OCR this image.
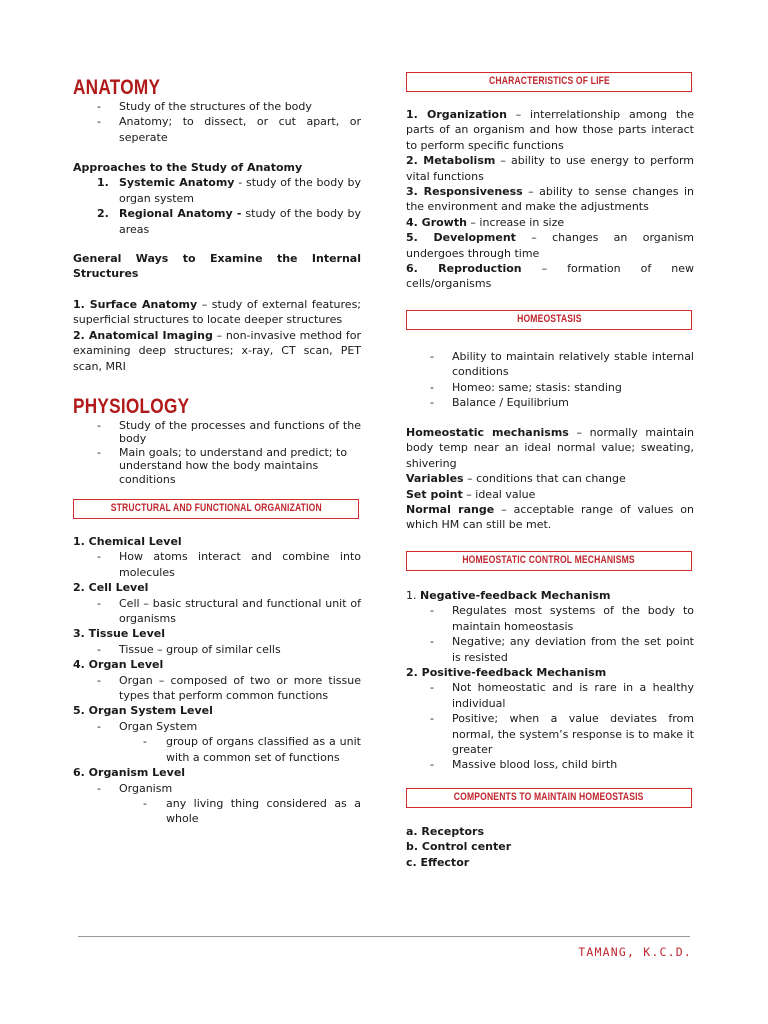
ANATOMY
- Study of the structures of the body
- Anatomy; to dissect, or cut apart, or seperate

Approaches to the Study of Anatomy

1. Systemic Anatomy - study of the body by organ system
2. Regional Anatomy - study of the body by areas

General Ways to Examine the Internal Structures

1. Surface Anatomy – study of external features; superficial structures to locate deeper structures

2. Anatomical Imaging – non-invasive method for examining deep structures; x-ray, CT scan, PET scan, MRI

PHYSIOLOGY
- Study of the processes and functions of the body
- Main goals; to understand and predict; to understand how the body maintains conditions
STRUCTURAL AND FUNCTIONAL ORGANIZATION

1. Chemical Level

- How atoms interact and combine into molecules

2. Cell Level

- Cell – basic structural and functional unit of organisms

3. Tissue Level

- Tissue – group of similar cells

4. Organ Level

- Organ – composed of two or more tissue types that perform common functions

5. Organ System Level

- Organ System
- group of organs classified as a unit with a common set of functions

6. Organism Level

- Organism
- any living thing considered as a whole
CHARACTERISTICS OF LIFE

1. Organization – interrelationship among the parts of an organism and how those parts interact to perform specific functions

2. Metabolism – ability to use energy to perform vital functions

3. Responsiveness – ability to sense changes in the environment and make the adjustments

4. Growth – increase in size

5. Development – changes an organism undergoes through time

6. Reproduction – formation of new cells/organisms

HOMEOSTASIS
- Ability to maintain relatively stable internal conditions
- Homeo: same; stasis: standing
- Balance / Equilibrium

Homeostatic mechanisms – normally maintain body temp near an ideal normal value; sweating, shivering

Variables – conditions that can change

Set point – ideal value

Normal range – acceptable range of values on which HM can still be met.

HOMEOSTATIC CONTROL MECHANISMS

1. Negative-feedback Mechanism

- Regulates most systems of the body to maintain homeostasis
- Negative; any deviation from the set point is resisted

2. Positive-feedback Mechanism

- Not homeostatic and is rare in a healthy individual
- Positive; when a value deviates from normal, the system’s response is to make it greater
- Massive blood loss, child birth
COMPONENTS TO MAINTAIN HOMEOSTASIS

a. Receptors

b. Control center

c. Effector

TAMANG, K.C.D.
